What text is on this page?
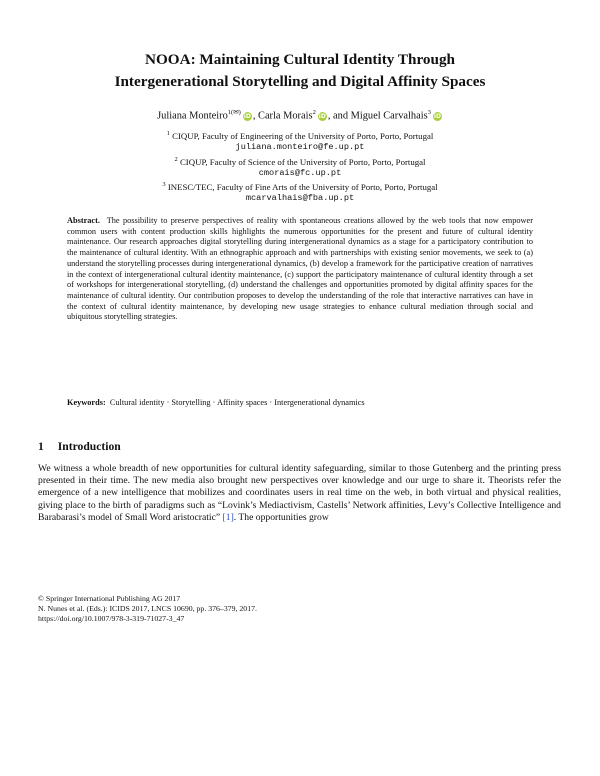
NOOA: Maintaining Cultural Identity Through
Intergenerational Storytelling and Digital Affinity Spaces
Juliana Monteiro$^{1(✉)}$iD , Carla Morais$^2$iD , and Miguel Carvalhais$^3$iD
$^1$ CIQUP, Faculty of Engineering of the University of Porto, Porto, Portugal
juliana.monteiro@fe.up.pt
$^2$ CIQUP, Faculty of Science of the University of Porto, Porto, Portugal
cmorais@fc.up.pt
$^3$ INESC/TEC, Faculty of Fine Arts of the University of Porto, Porto, Portugal
mcarvalhais@fba.up.pt

Abstract. The possibility to preserve perspectives of reality with spontaneous creations allowed by the web tools that now empower common users with content production skills highlights the numerous opportunities for the present and future of cultural identity maintenance. Our research approaches digital storytelling during intergenerational dynamics as a stage for a participatory contribution to the maintenance of cultural identity. With an ethnographic approach and with partnerships with existing senior movements, we seek to (a) understand the storytelling processes during intergenerational dynamics, (b) develop a framework for the participative creation of narratives in the context of intergenerational cultural identity maintenance, (c) support the participatory maintenance of cultural identity through a set of workshops for intergenerational storytelling, (d) understand the challenges and opportunities promoted by digital affinity spaces for the maintenance of cultural identity. Our contribution proposes to develop the understanding of the role that interactive narratives can have in the context of cultural identity maintenance, by developing new usage strategies to enhance cultural mediation through social and ubiquitous storytelling strategies.

Keywords: Cultural identity · Storytelling · Affinity spaces · Intergenerational dynamics
1 Introduction

We witness a whole breadth of new opportunities for cultural identity safeguarding, similar to those Gutenberg and the printing press presented in their time. The new media also brought new perspectives over knowledge and our urge to share it. Theorists refer the emergence of a new intelligence that mobilizes and coordinates users in real time on the web, in both virtual and physical realities, giving place to the birth of paradigms such as “Lovink’s Mediactivism, Castells’ Network affinities, Levy’s Collective Intelligence and Barabarasi’s model of Small Word aristocratic” [1]. The opportunities grow

© Springer International Publishing AG 2017
N. Nunes et al. (Eds.): ICIDS 2017, LNCS 10690, pp. 376–379, 2017.
https://doi.org/10.1007/978-3-319-71027-3_47
